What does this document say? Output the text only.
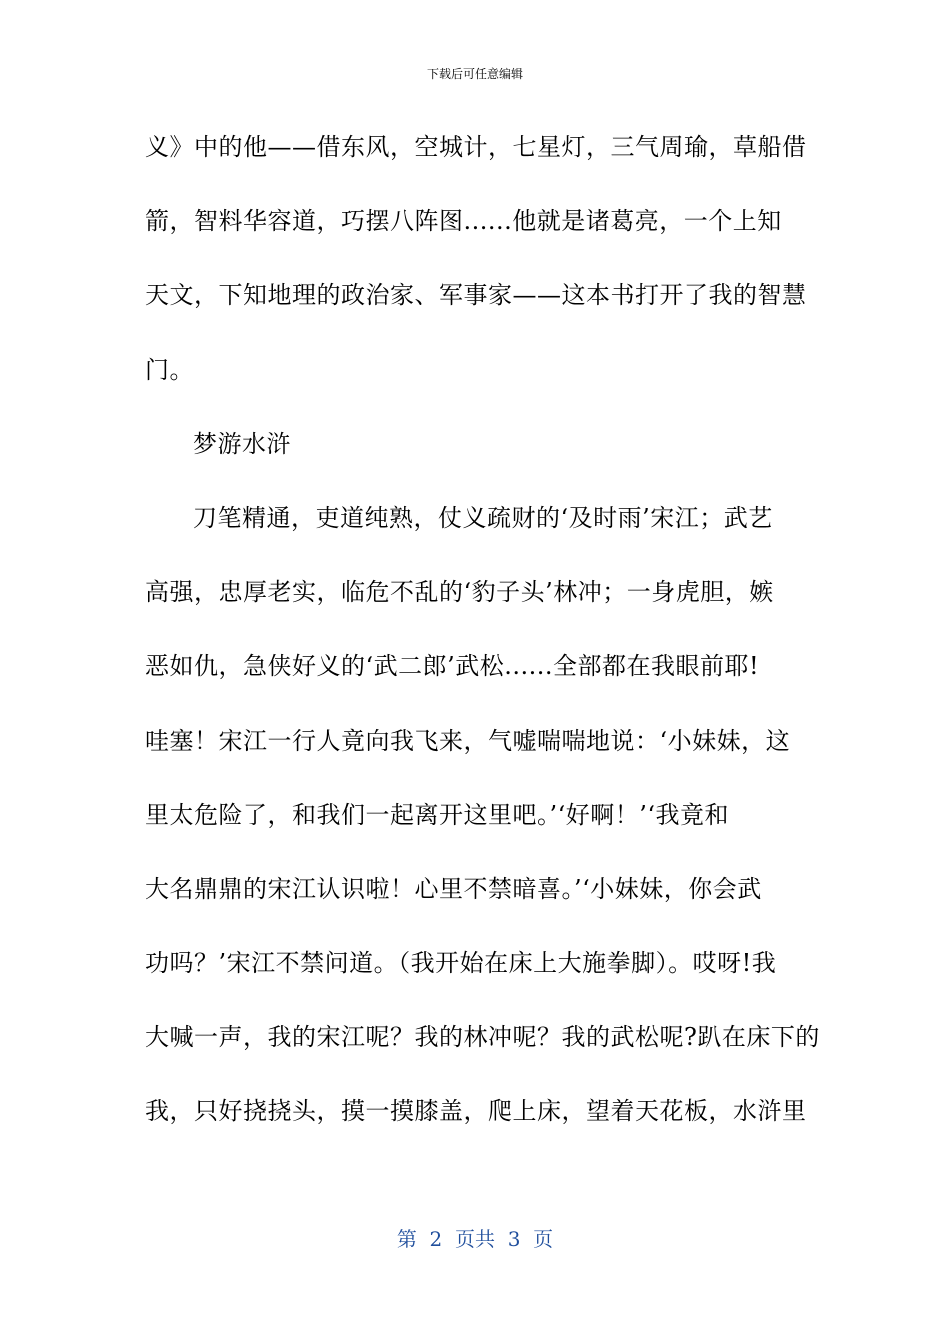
下载后可任意编辑
义》中的他——借东风，空城计，七星灯，三气周瑜，草船借
箭，智料华容道，巧摆八阵图......他就是诸葛亮，一个上知
天文，下知地理的政治家、军事家——这本书打开了我的智慧
门。
梦游水浒
刀笔精通，吏道纯熟，仗义疏财的‘及时雨’宋江；武艺
高强，忠厚老实，临危不乱的‘豹子头’林冲；一身虎胆，嫉
恶如仇，急侠好义的‘武二郎’武松......全部都在我眼前耶!
哇塞！宋江一行人竟向我飞来，气嘘喘喘地说：‘小妹妹，这
里太危险了，和我们一起离开这里吧。’‘好啊！’‘我竟和
大名鼎鼎的宋江认识啦！心里不禁暗喜。’‘小妹妹，你会武
功吗？’宋江不禁问道。（我开始在床上大施拳脚）。哎呀!我
大喊一声，我的宋江呢？我的林冲呢？我的武松呢?趴在床下的
我，只好挠挠头，摸一摸膝盖，爬上床，望着天花板，水浒里
第  2  页共  3  页
